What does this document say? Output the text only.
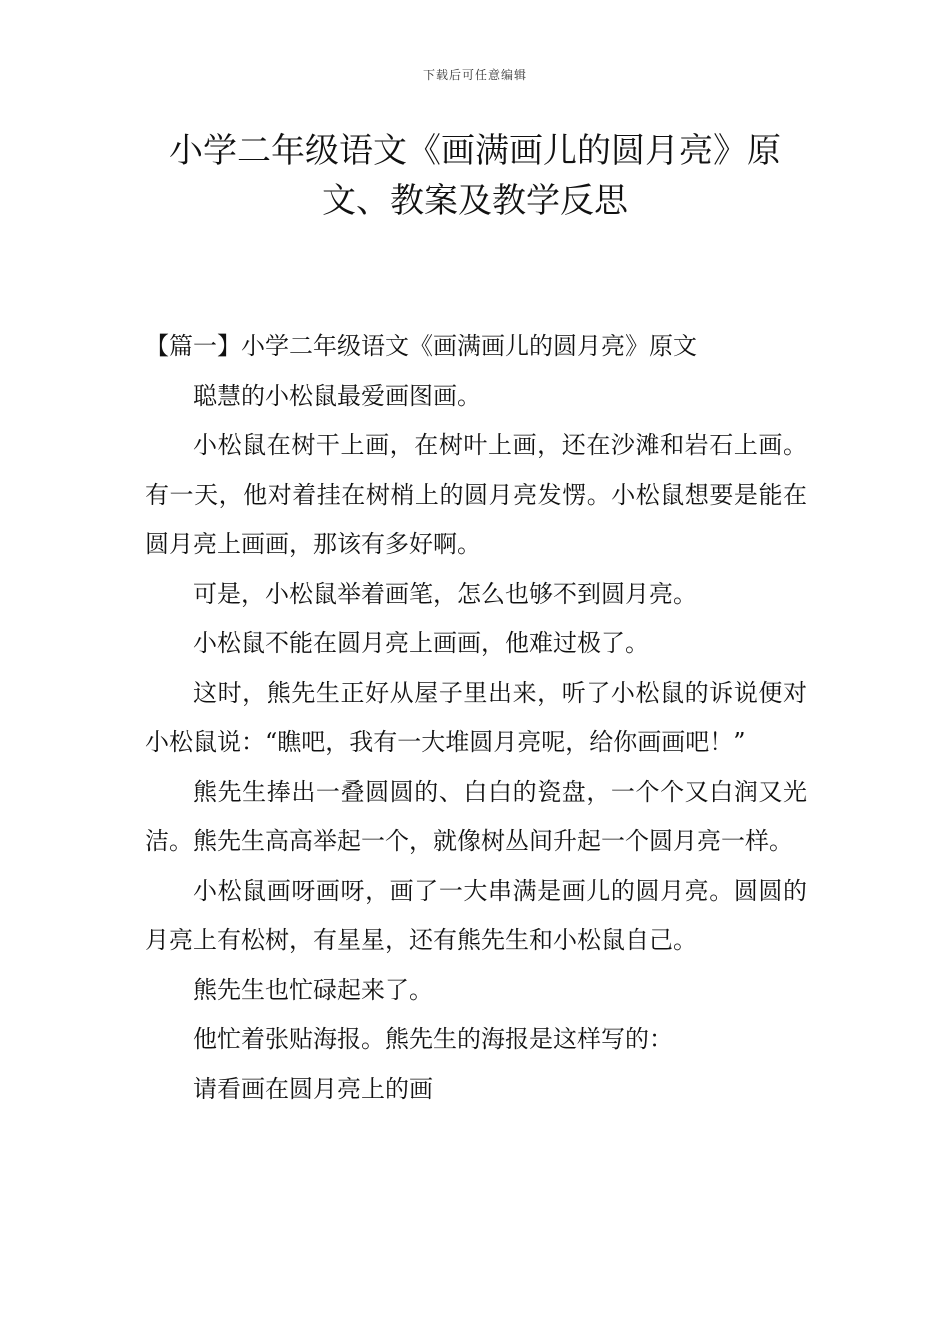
下载后可任意编辑
小学二年级语文《画满画儿的圆月亮》原文、教案及教学反思

【篇一】小学二年级语文《画满画儿的圆月亮》原文

聪慧的小松鼠最爱画图画。

小松鼠在树干上画，在树叶上画，还在沙滩和岩石上画。有一天，他对着挂在树梢上的圆月亮发愣。小松鼠想要是能在圆月亮上画画，那该有多好啊。

可是，小松鼠举着画笔，怎么也够不到圆月亮。

小松鼠不能在圆月亮上画画，他难过极了。

这时，熊先生正好从屋子里出来，听了小松鼠的诉说便对小松鼠说：“瞧吧，我有一大堆圆月亮呢，给你画画吧！”

熊先生捧出一叠圆圆的、白白的瓷盘，一个个又白润又光洁。熊先生高高举起一个，就像树丛间升起一个圆月亮一样。

小松鼠画呀画呀，画了一大串满是画儿的圆月亮。圆圆的月亮上有松树，有星星，还有熊先生和小松鼠自己。

熊先生也忙碌起来了。

他忙着张贴海报。熊先生的海报是这样写的：

请看画在圆月亮上的画
